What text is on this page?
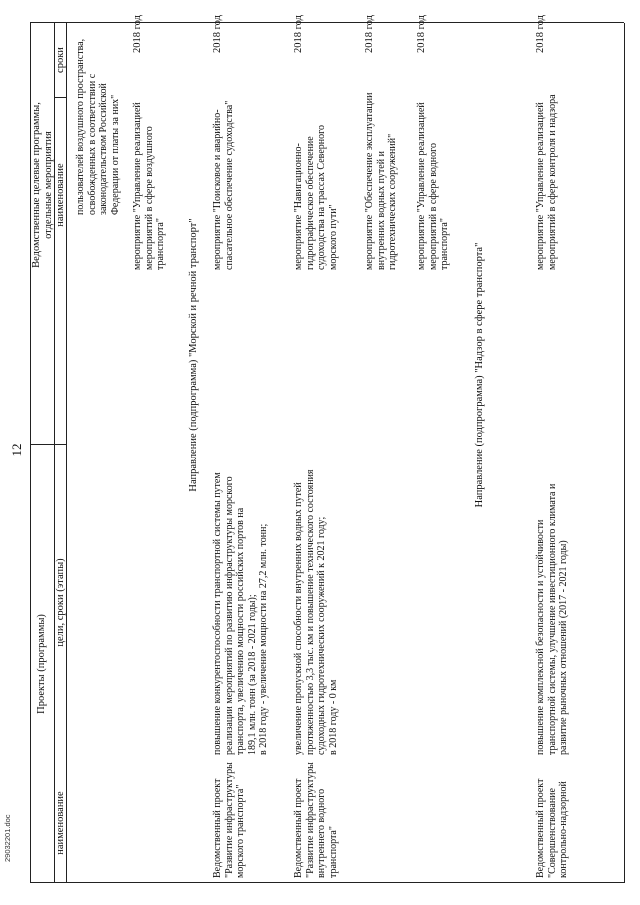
12
Проекты (программы)
наименование
цели, сроки (этапы)
Ведомственные целевые программы, отдельные мероприятия наименование
сроки пользователей воздушного пространства, освобожденных в соответствии с законодательством Российской Федерации от платы за них" мероприятие "Управление реализацией мероприятий в сфере воздушного транспорта"
2018 год
Направление (подпрограмма) "Морской и речной транспорт"
Ведомственный проект "Развитие инфраструктуры морского транспорта"
повышение конкурентоспособности транспортной системы путем реализации мероприятий по развитию инфраструктуры морского транспорта, увеличению мощности российских портов на 189,1 млн. тонн (за 2018 - 2021 годы); в 2018 году - увеличение мощности на 27,2 млн. тонн;
мероприятие "Поисковое и аварийно- спасательное обеспечение судоходства"
2018 год
Ведомственный проект "Развитие инфраструктуры внутреннего водного транспорта"
увеличение пропускной способности внутренних водных путей протяженностью 3,3 тыс. км и повышение технического состояния судоходных гидротехнических сооружений к 2021 году; в 2018 году - 0 км
мероприятие "Навигационно- гидрографическое обеспечение судоходства на трассах Северного морского пути"
2018 год
мероприятие "Обеспечение эксплуатации внутренних водных путей и гидротехнических сооружений"
2018 год
мероприятие "Управление реализацией мероприятий в сфере водного транспорта"
2018 год
Направление (подпрограмма) "Надзор в сфере транспорта"
Ведомственный проект "Совершенствование контрольно-надзорной
повышение комплексной безопасности и устойчивости транспортной системы, улучшение инвестиционного климата и развитие рыночных отношений (2017 - 2021 годы)
мероприятие "Управление реализацией мероприятий в сфере контроля и надзора
2018 год
29032201.doc
